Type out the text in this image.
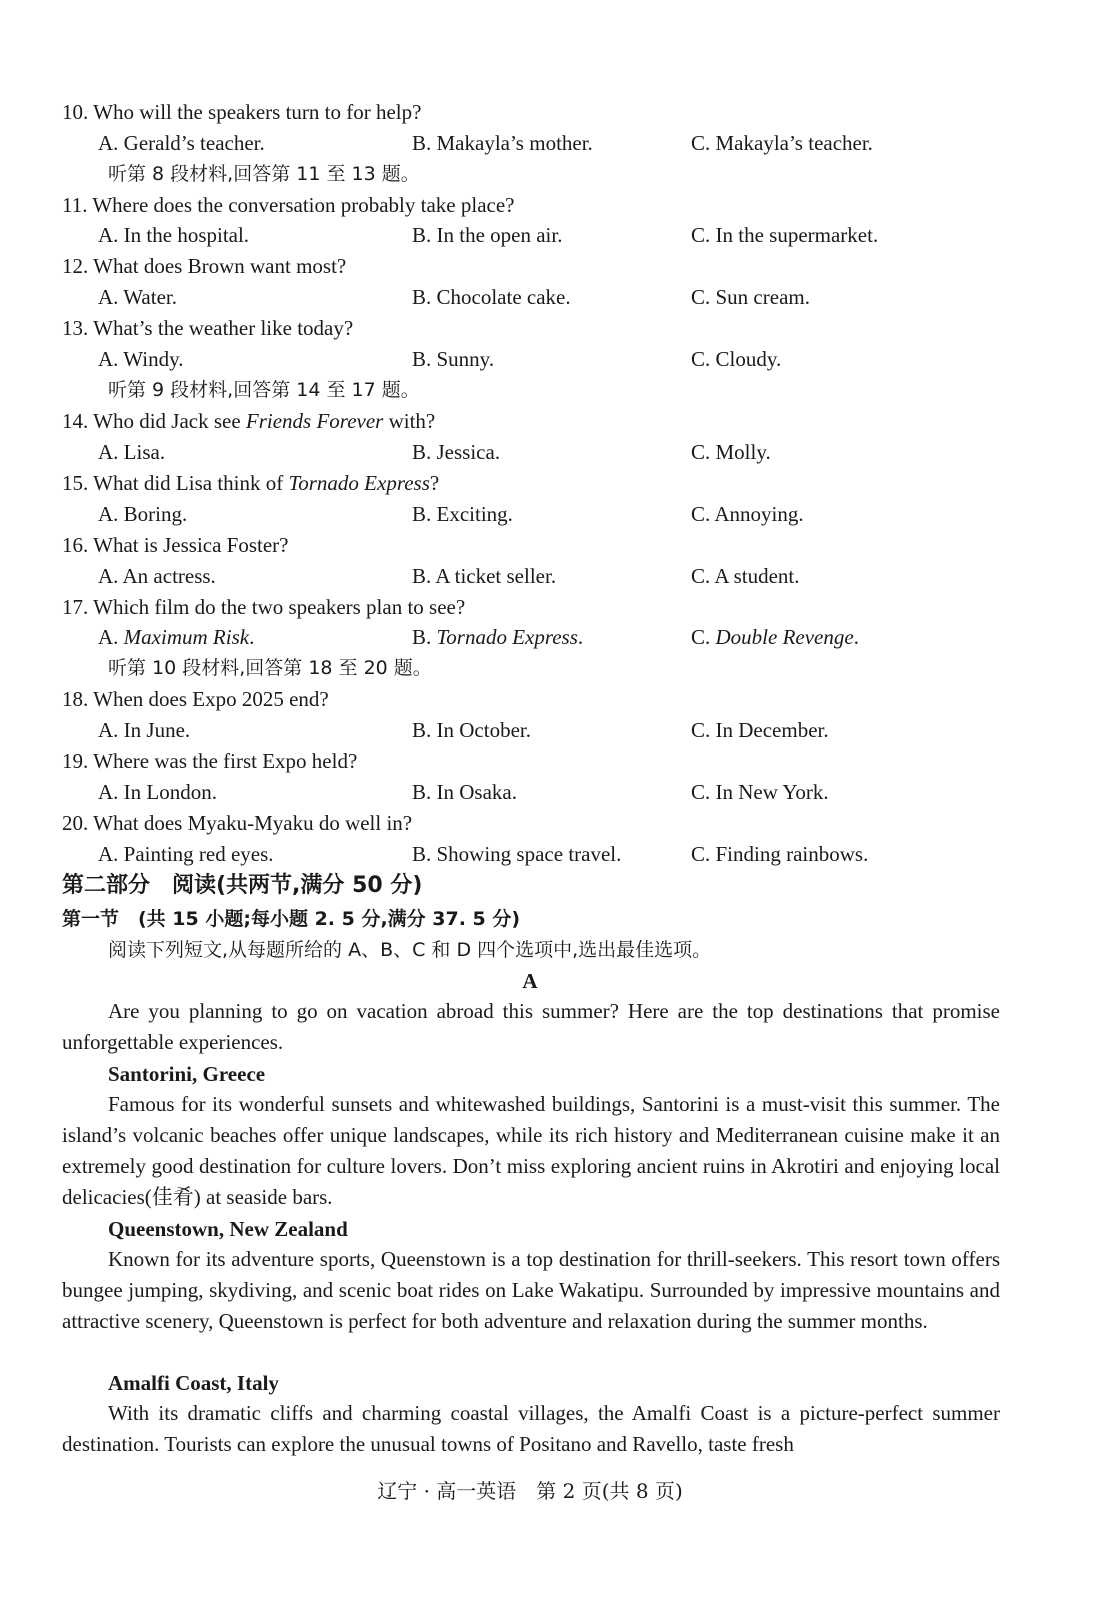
10. Who will the speakers turn to for help?
A. Gerald’s teacher.	B. Makayla’s mother.	C. Makayla’s teacher.
听第 8 段材料,回答第 11 至 13 题。
11. Where does the conversation probably take place?
A. In the hospital.	B. In the open air.	C. In the supermarket.
12. What does Brown want most?
A. Water.	B. Chocolate cake.	C. Sun cream.
13. What’s the weather like today?
A. Windy.	B. Sunny.	C. Cloudy.
听第 9 段材料,回答第 14 至 17 题。
14. Who did Jack see Friends Forever with?
A. Lisa.	B. Jessica.	C. Molly.
15. What did Lisa think of Tornado Express?
A. Boring.	B. Exciting.	C. Annoying.
16. What is Jessica Foster?
A. An actress.	B. A ticket seller.	C. A student.
17. Which film do the two speakers plan to see?
A. Maximum Risk.	B. Tornado Express.	C. Double Revenge.
听第 10 段材料,回答第 18 至 20 题。
18. When does Expo 2025 end?
A. In June.	B. In October.	C. In December.
19. Where was the first Expo held?
A. In London.	B. In Osaka.	C. In New York.
20. What does Myaku-Myaku do well in?
A. Painting red eyes.	B. Showing space travel.	C. Finding rainbows.
第二部分　阅读(共两节,满分 50 分)
第一节　(共 15 小题;每小题 2. 5 分,满分 37. 5 分)
阅读下列短文,从每题所给的 A、B、C 和 D 四个选项中,选出最佳选项。
A
Are you planning to go on vacation abroad this summer? Here are the top destinations that promise unforgettable experiences.
Santorini, Greece
Famous for its wonderful sunsets and whitewashed buildings, Santorini is a must-visit this summer. The island’s volcanic beaches offer unique landscapes, while its rich history and Mediterranean cuisine make it an extremely good destination for culture lovers. Don’t miss exploring ancient ruins in Akrotiri and enjoying local delicacies(佳肴) at seaside bars.
Queenstown, New Zealand
Known for its adventure sports, Queenstown is a top destination for thrill-seekers. This resort town offers bungee jumping, skydiving, and scenic boat rides on Lake Wakatipu. Surrounded by impressive mountains and attractive scenery, Queenstown is perfect for both adventure and relaxation during the summer months.
Amalfi Coast, Italy
With its dramatic cliffs and charming coastal villages, the Amalfi Coast is a picture-perfect summer destination. Tourists can explore the unusual towns of Positano and Ravello, taste fresh
辽宁 · 高一英语　第 2 页(共 8 页)
